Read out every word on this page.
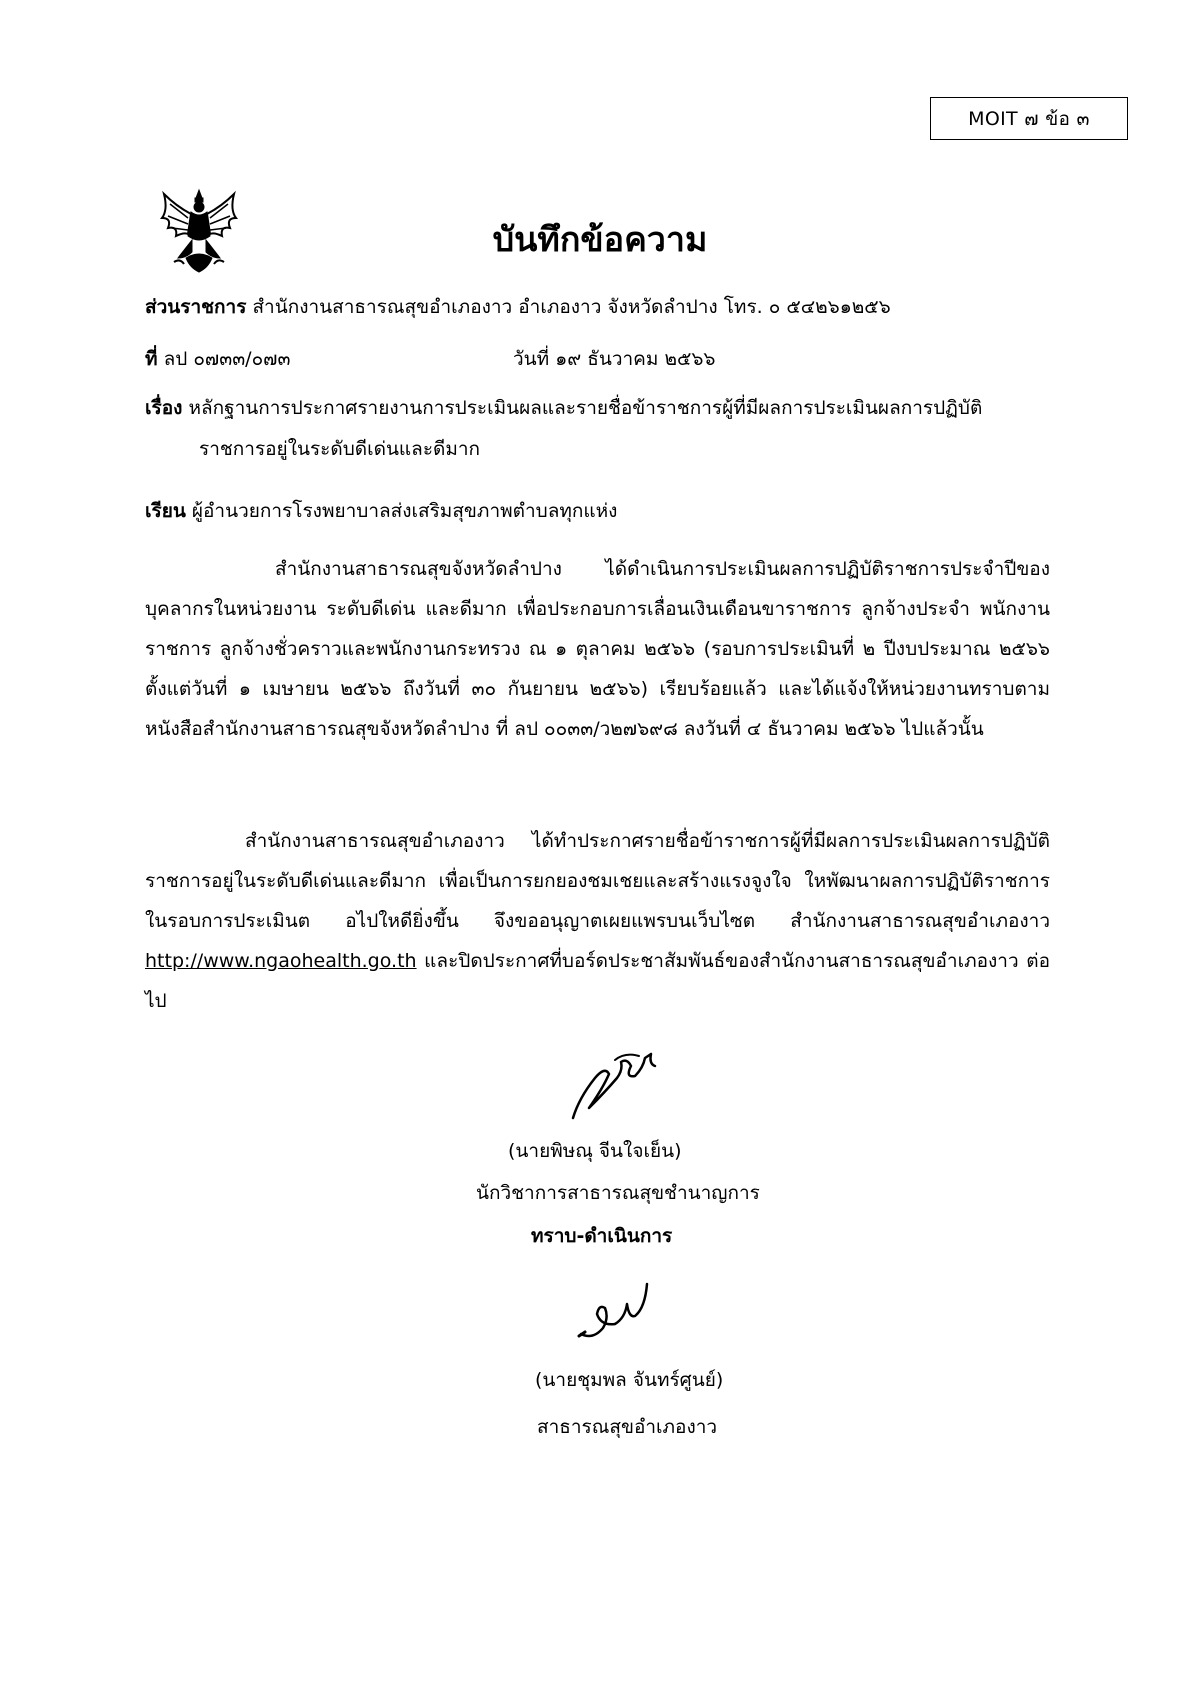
MOIT ๗ ข้อ ๓
บันทึกข้อความ
ส่วนราชการ สำนักงานสาธารณสุขอำเภองาว อำเภองาว จังหวัดลำปาง โทร. ๐ ๕๔๒๖๑๒๕๖
ที่ ลป ๐๗๓๓/๐๗๓	วันที่ ๑๙ ธันวาคม ๒๕๖๖
เรื่อง หลักฐานการประกาศรายงานการประเมินผลและรายชื่อข้าราชการผู้ที่มีผลการประเมินผลการปฏิบัติ
ราชการอยู่ในระดับดีเด่นและดีมาก
เรียน ผู้อำนวยการโรงพยาบาลส่งเสริมสุขภาพตำบลทุกแห่ง

สำนักงานสาธารณสุขจังหวัดลำปาง ได้ดำเนินการประเมินผลการปฏิบัติราชการประจำปีของบุคลากรในหน่วยงาน ระดับดีเด่น และดีมาก เพื่อประกอบการเลื่อนเงินเดือนขาราชการ ลูกจ้างประจำ พนักงานราชการ ลูกจ้างชั่วคราวและพนักงานกระทรวง ณ ๑ ตุลาคม ๒๕๖๖ (รอบการประเมินที่ ๒ ปีงบประมาณ ๒๕๖๖ ตั้งแต่วันที่ ๑ เมษายน ๒๕๖๖ ถึงวันที่ ๓๐ กันยายน ๒๕๖๖) เรียบร้อยแล้ว และได้แจ้งให้หน่วยงานทราบตาม หนังสือสำนักงานสาธารณสุขจังหวัดลำปาง ที่ ลป ๐๐๓๓/ว๒๗๖๙๘ ลงวันที่ ๔ ธันวาคม ๒๕๖๖ ไปแล้วนั้น

สำนักงานสาธารณสุขอำเภองาว ได้ทำประกาศรายชื่อข้าราชการผู้ที่มีผลการประเมินผลการปฏิบัติราชการอยู่ในระดับดีเด่นและดีมาก เพื่อเป็นการยกยองชมเชยและสร้างแรงจูงใจ ใหพัฒนาผลการปฏิบัติราชการในรอบการประเมินต อไปใหดียิ่งขึ้น จึงขออนุญาตเผยแพรบนเว็บไซต สำนักงานสาธารณสุขอำเภองาว http://www.ngaohealth.go.th และปิดประกาศที่บอร์ดประชาสัมพันธ์ของสำนักงานสาธารณสุขอำเภองาว ต่อไป

(นายพิษณุ จีนใจเย็น)
นักวิชาการสาธารณสุขชำนาญการ
ทราบ-ดำเนินการ
(นายชุมพล จันทร์ศูนย์)
สาธารณสุขอำเภองาว
